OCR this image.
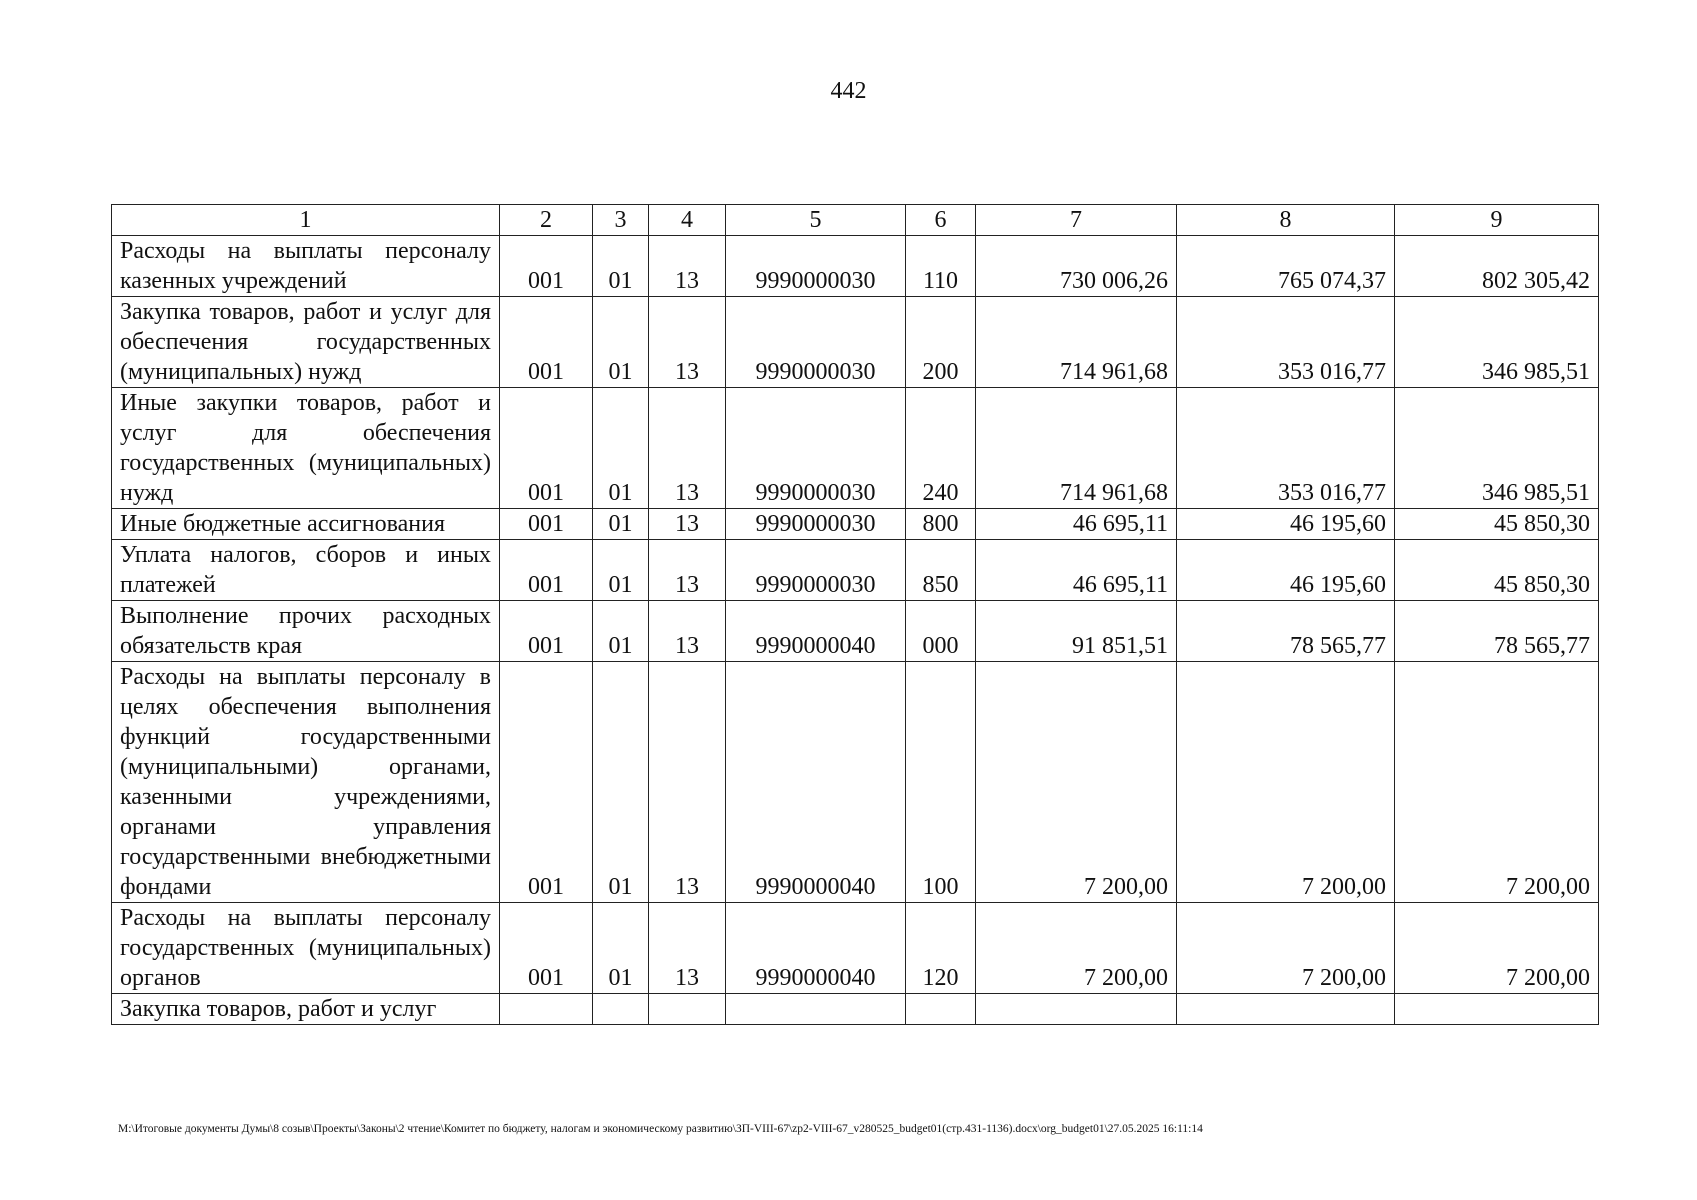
442
1	2	3	4	5	6	7	8	9
Расходы на выплаты персоналу казенных учреждений	001	01	13	9990000030	110	730 006,26	765 074,37	802 305,42
Закупка товаров, работ и услуг для обеспечения государственных (муниципальных) нужд	001	01	13	9990000030	200	714 961,68	353 016,77	346 985,51
Иные закупки товаров, работ и услуг для обеспечения государственных (муниципальных) нужд	001	01	13	9990000030	240	714 961,68	353 016,77	346 985,51
Иные бюджетные ассигнования	001	01	13	9990000030	800	46 695,11	46 195,60	45 850,30
Уплата налогов, сборов и иных платежей	001	01	13	9990000030	850	46 695,11	46 195,60	45 850,30
Выполнение прочих расходных обязательств края	001	01	13	9990000040	000	91 851,51	78 565,77	78 565,77
Расходы на выплаты персоналу в целях обеспечения выполнения функций государственными (муниципальными) органами, казенными учреждениями, органами управления государственными внебюджетными фондами	001	01	13	9990000040	100	7 200,00	7 200,00	7 200,00
Расходы на выплаты персоналу государственных (муниципальных) органов	001	01	13	9990000040	120	7 200,00	7 200,00	7 200,00
Закупка товаров, работ и услуг								
M:\Итоговые документы Думы\8 созыв\Проекты\Законы\2 чтение\Комитет по бюджету, налогам и экономическому развитию\ЗП-VIII-67\zp2-VIII-67_v280525_budget01(стр.431-1136).docx\org_budget01\27.05.2025 16:11:14
